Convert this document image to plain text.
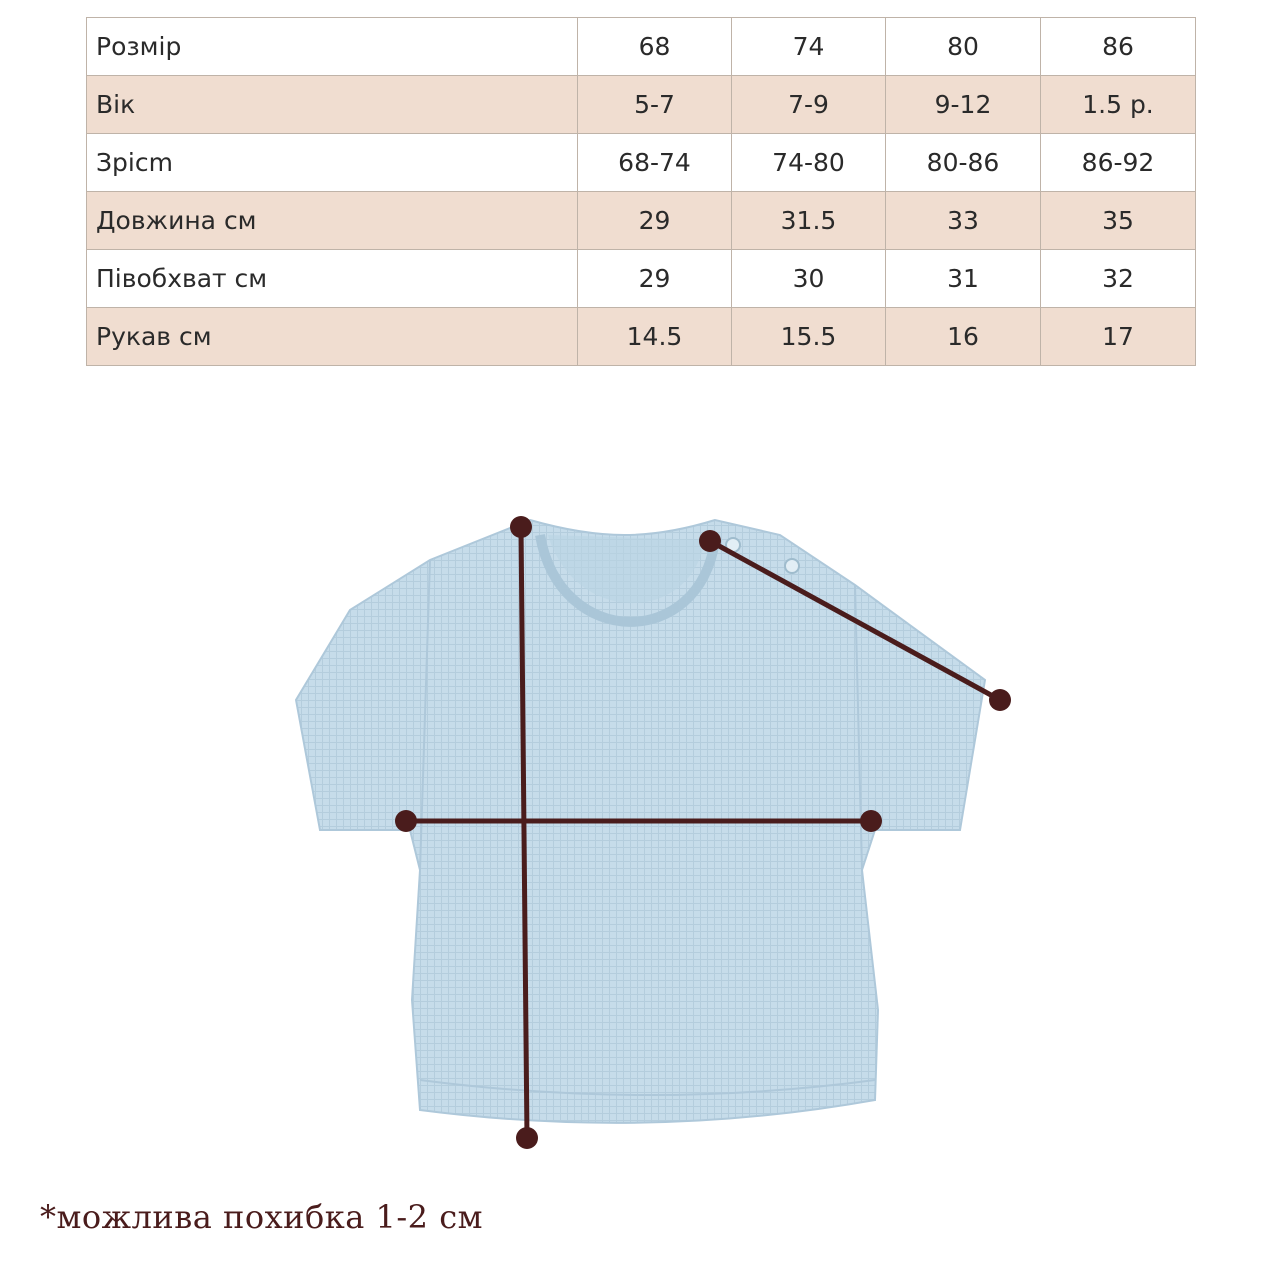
Розмір	68	74	80	86
Вік	5-7	7-9	9-12	1.5 р.
Зрісm	68-74	74-80	80-86	86-92
Довжина см	29	31.5	33	35
Півобхват см	29	30	31	32
Рукав см	14.5	15.5	16	17
*можлива похибка 1-2 см
